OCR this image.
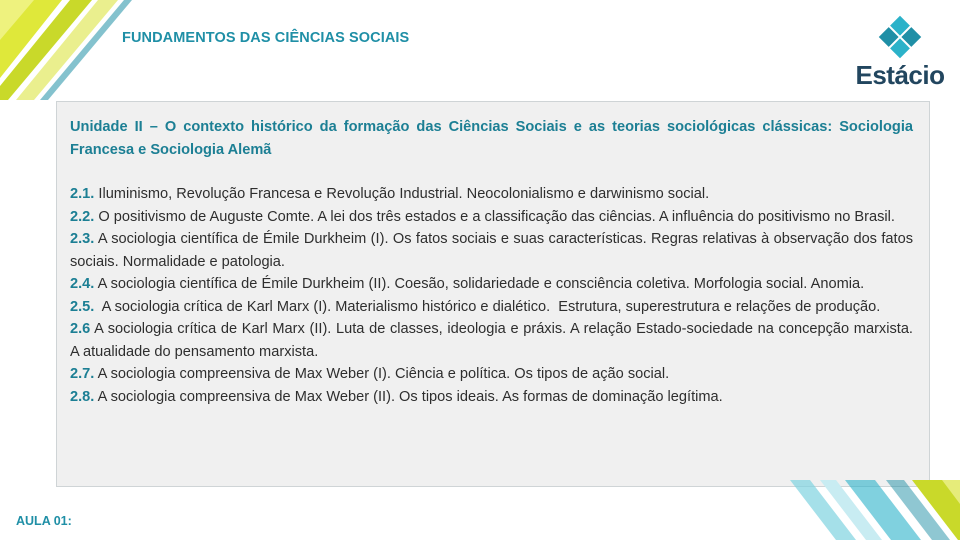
FUNDAMENTOS DAS CIÊNCIAS SOCIAIS
Estácio
Unidade II – O contexto histórico da formação das Ciências Sociais e as teorias sociológicas clássicas: Sociologia Francesa e Sociologia Alemã

2.1. Iluminismo, Revolução Francesa e Revolução Industrial. Neocolonialismo e darwinismo social.

2.2. O positivismo de Auguste Comte. A lei dos três estados e a classificação das ciências. A influência do positivismo no Brasil.

2.3. A sociologia científica de Émile Durkheim (I). Os fatos sociais e suas características. Regras relativas à observação dos fatos sociais. Normalidade e patologia.

2.4. A sociologia científica de Émile Durkheim (II). Coesão, solidariedade e consciência coletiva. Morfologia social. Anomia.

2.5.  A sociologia crítica de Karl Marx (I). Materialismo histórico e dialético.  Estrutura, superestrutura e relações de produção.

2.6 A sociologia crítica de Karl Marx (II). Luta de classes, ideologia e práxis. A relação Estado-sociedade na concepção marxista. A atualidade do pensamento marxista.

2.7. A sociologia compreensiva de Max Weber (I). Ciência e política. Os tipos de ação social.

2.8. A sociologia compreensiva de Max Weber (II). Os tipos ideais. As formas de dominação legítima.

AULA 01:
